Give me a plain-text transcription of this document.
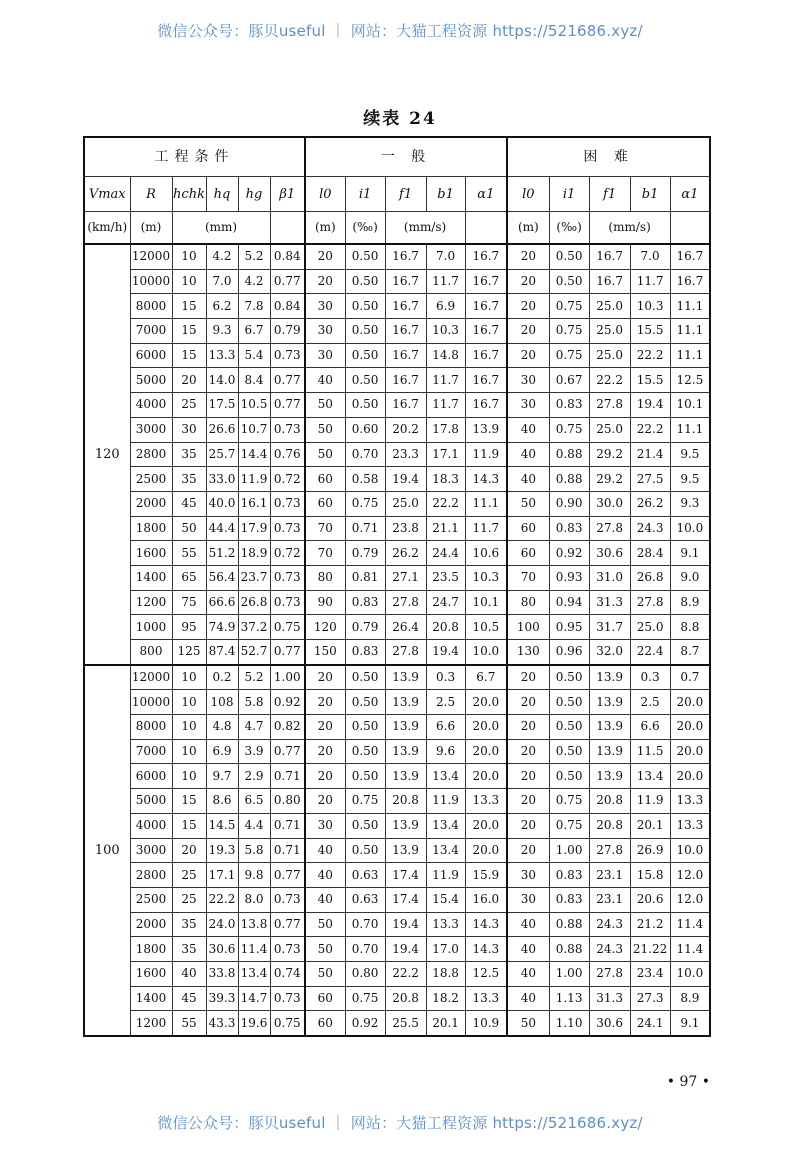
微信公众号：豚贝useful ｜ 网站：大猫工程资源 https://521686.xyz/
续表 24
工程条件						一 般					困 难				
Vmax	R	hchk	hq	hg	β1	l0	i1	f1	b1	α1	l0	i1	f1	b1	α1
(km/h)	(m)	(mm)				(m)	(‰)	(mm/s)			(m)	(‰)	(mm/s)		
120	12000	10	4.2	5.2	0.84	20	0.50	16.7	7.0	16.7	20	0.50	16.7	7.0	16.7
	10000	10	7.0	4.2	0.77	20	0.50	16.7	11.7	16.7	20	0.50	16.7	11.7	16.7
	8000	15	6.2	7.8	0.84	30	0.50	16.7	6.9	16.7	20	0.75	25.0	10.3	11.1
	7000	15	9.3	6.7	0.79	30	0.50	16.7	10.3	16.7	20	0.75	25.0	15.5	11.1
	6000	15	13.3	5.4	0.73	30	0.50	16.7	14.8	16.7	20	0.75	25.0	22.2	11.1
	5000	20	14.0	8.4	0.77	40	0.50	16.7	11.7	16.7	30	0.67	22.2	15.5	12.5
	4000	25	17.5	10.5	0.77	50	0.50	16.7	11.7	16.7	30	0.83	27.8	19.4	10.1
	3000	30	26.6	10.7	0.73	50	0.60	20.2	17.8	13.9	40	0.75	25.0	22.2	11.1
	2800	35	25.7	14.4	0.76	50	0.70	23.3	17.1	11.9	40	0.88	29.2	21.4	9.5
	2500	35	33.0	11.9	0.72	60	0.58	19.4	18.3	14.3	40	0.88	29.2	27.5	9.5
	2000	45	40.0	16.1	0.73	60	0.75	25.0	22.2	11.1	50	0.90	30.0	26.2	9.3
	1800	50	44.4	17.9	0.73	70	0.71	23.8	21.1	11.7	60	0.83	27.8	24.3	10.0
	1600	55	51.2	18.9	0.72	70	0.79	26.2	24.4	10.6	60	0.92	30.6	28.4	9.1
	1400	65	56.4	23.7	0.73	80	0.81	27.1	23.5	10.3	70	0.93	31.0	26.8	9.0
	1200	75	66.6	26.8	0.73	90	0.83	27.8	24.7	10.1	80	0.94	31.3	27.8	8.9
	1000	95	74.9	37.2	0.75	120	0.79	26.4	20.8	10.5	100	0.95	31.7	25.0	8.8
	800	125	87.4	52.7	0.77	150	0.83	27.8	19.4	10.0	130	0.96	32.0	22.4	8.7
100	12000	10	0.2	5.2	1.00	20	0.50	13.9	0.3	6.7	20	0.50	13.9	0.3	0.7
	10000	10	108	5.8	0.92	20	0.50	13.9	2.5	20.0	20	0.50	13.9	2.5	20.0
	8000	10	4.8	4.7	0.82	20	0.50	13.9	6.6	20.0	20	0.50	13.9	6.6	20.0
	7000	10	6.9	3.9	0.77	20	0.50	13.9	9.6	20.0	20	0.50	13.9	11.5	20.0
	6000	10	9.7	2.9	0.71	20	0.50	13.9	13.4	20.0	20	0.50	13.9	13.4	20.0
	5000	15	8.6	6.5	0.80	20	0.75	20.8	11.9	13.3	20	0.75	20.8	11.9	13.3
	4000	15	14.5	4.4	0.71	30	0.50	13.9	13.4	20.0	20	0.75	20.8	20.1	13.3
	3000	20	19.3	5.8	0.71	40	0.50	13.9	13.4	20.0	20	1.00	27.8	26.9	10.0
	2800	25	17.1	9.8	0.77	40	0.63	17.4	11.9	15.9	30	0.83	23.1	15.8	12.0
	2500	25	22.2	8.0	0.73	40	0.63	17.4	15.4	16.0	30	0.83	23.1	20.6	12.0
	2000	35	24.0	13.8	0.77	50	0.70	19.4	13.3	14.3	40	0.88	24.3	21.2	11.4
	1800	35	30.6	11.4	0.73	50	0.70	19.4	17.0	14.3	40	0.88	24.3	21.22	11.4
	1600	40	33.8	13.4	0.74	50	0.80	22.2	18.8	12.5	40	1.00	27.8	23.4	10.0
	1400	45	39.3	14.7	0.73	60	0.75	20.8	18.2	13.3	40	1.13	31.3	27.3	8.9
	1200	55	43.3	19.6	0.75	60	0.92	25.5	20.1	10.9	50	1.10	30.6	24.1	9.1
• 97 •
微信公众号：豚贝useful ｜ 网站：大猫工程资源 https://521686.xyz/
